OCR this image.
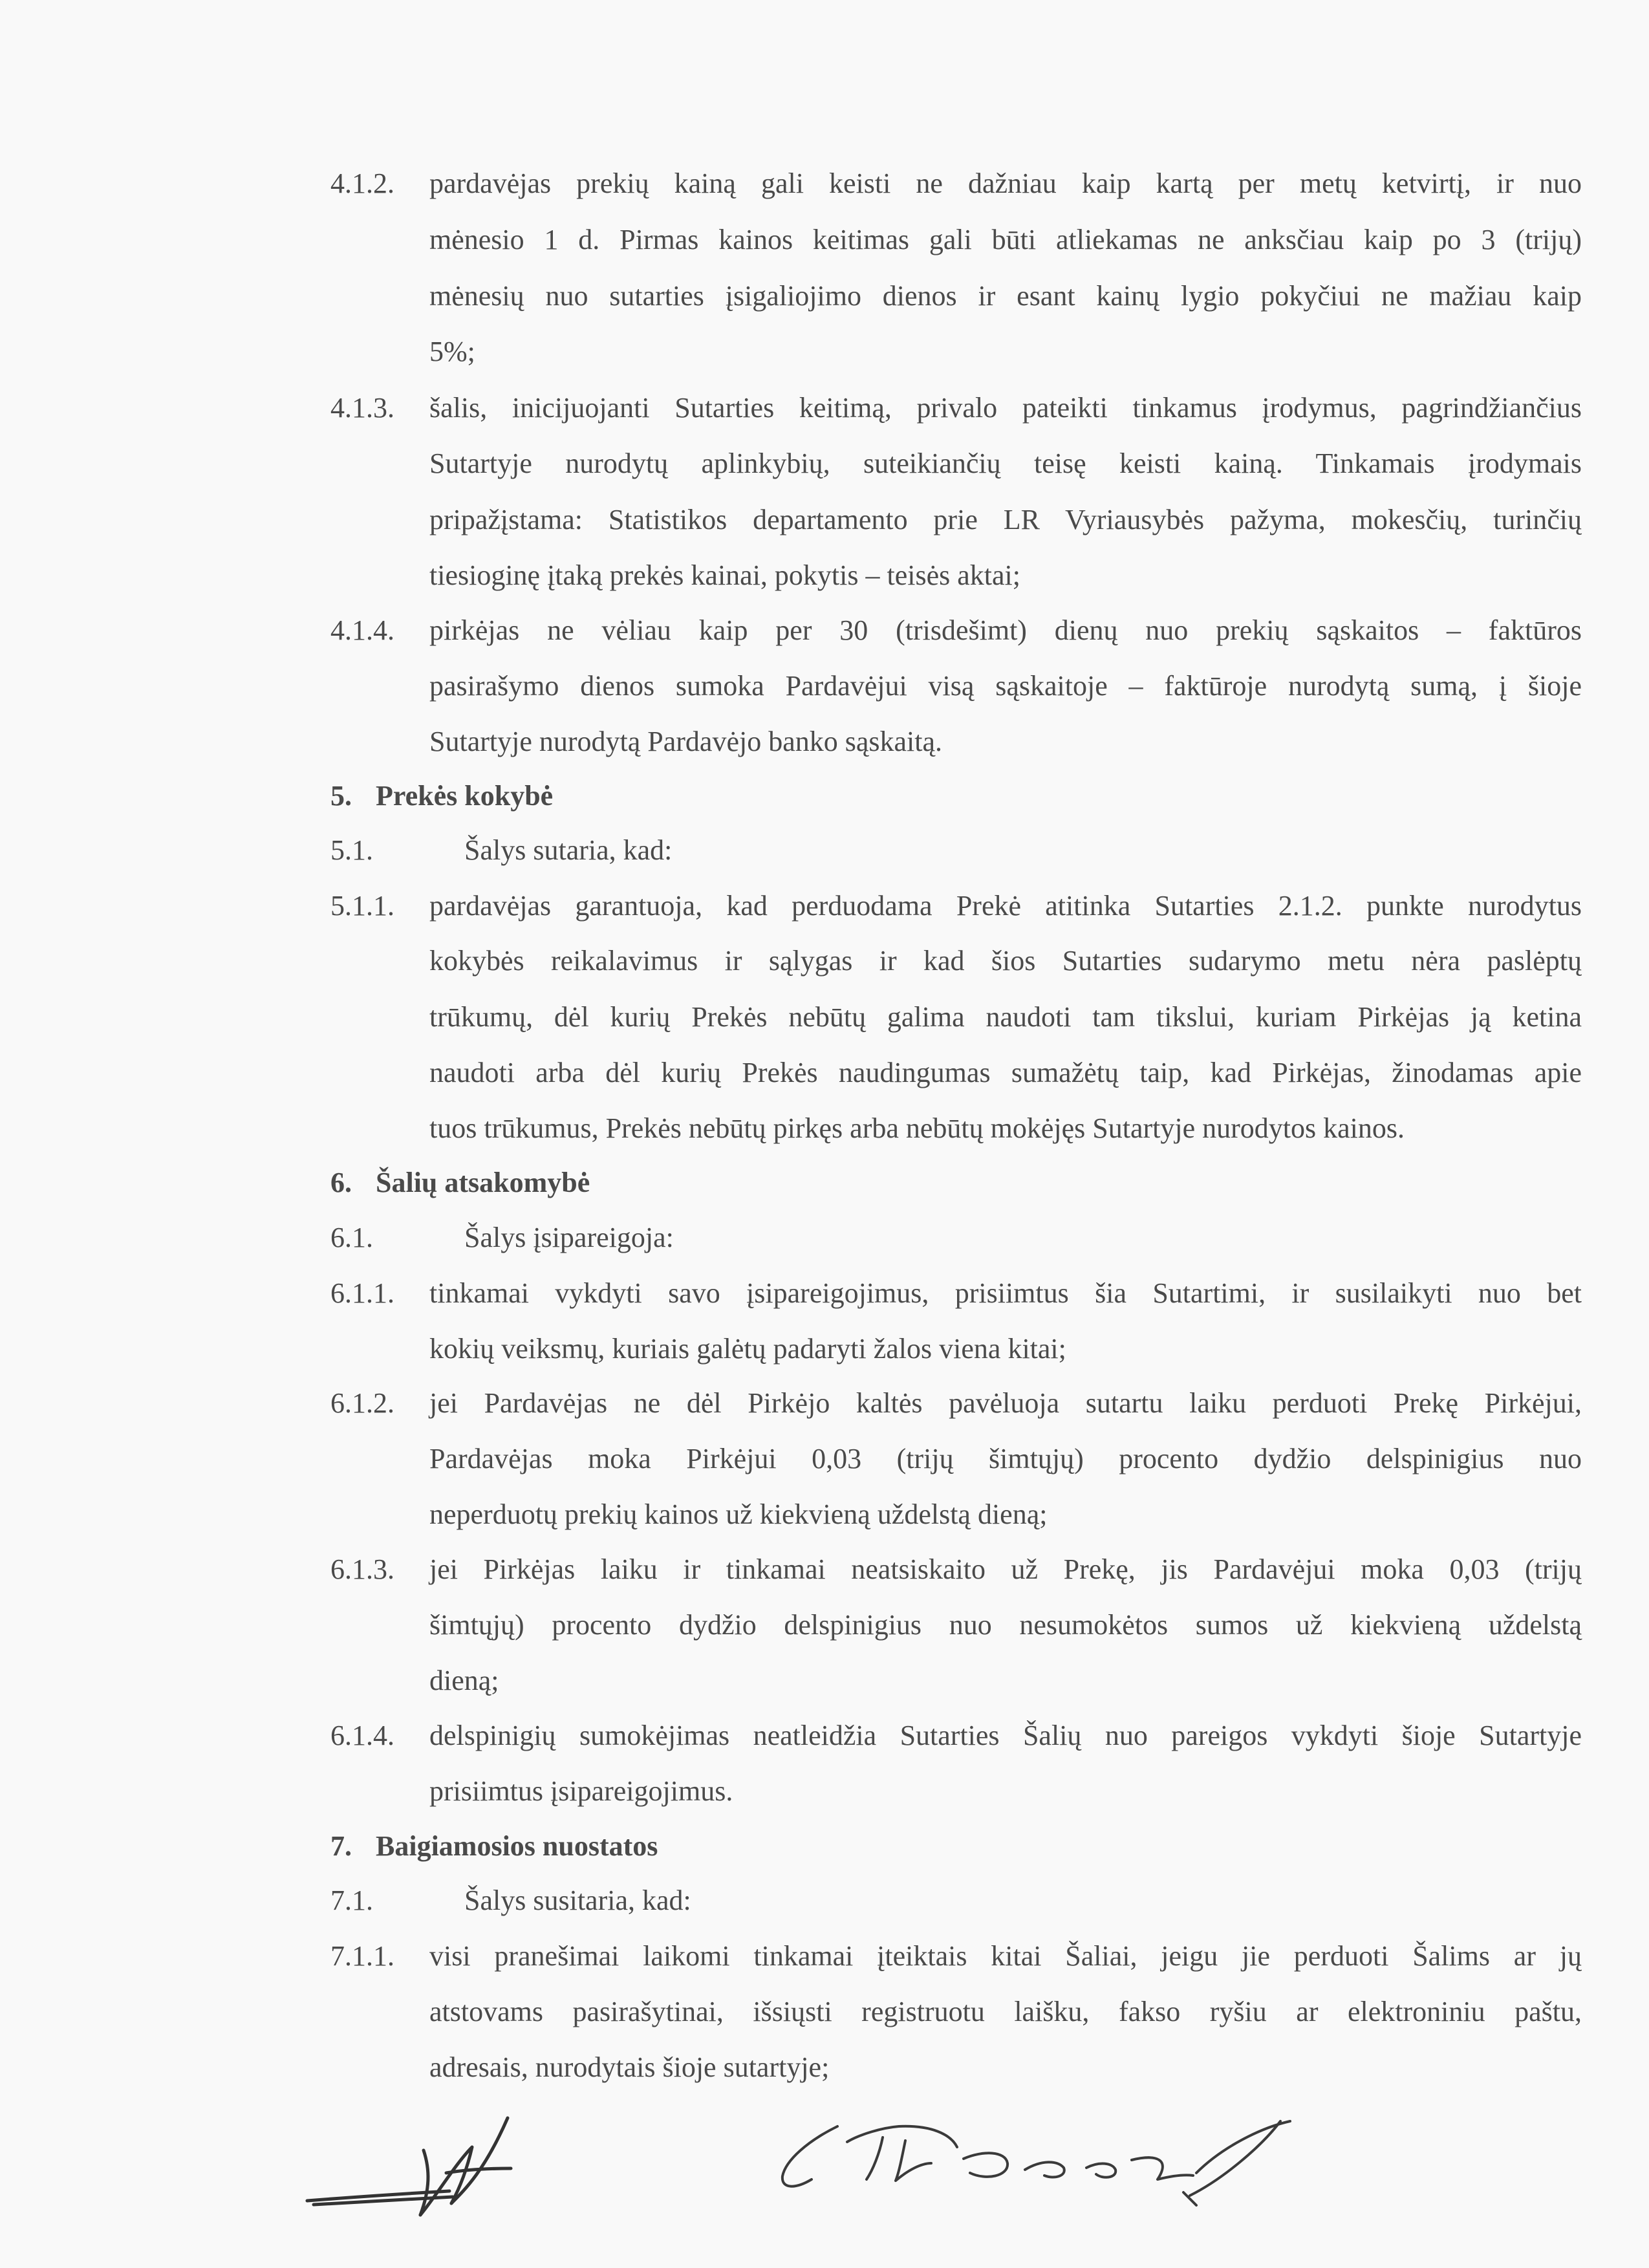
4.1.2. pardavėjas prekių kainą gali keisti ne dažniau kaip kartą per metų ketvirtį, ir nuo
mėnesio 1 d. Pirmas kainos keitimas gali būti atliekamas ne anksčiau kaip po 3 (trijų)
mėnesių nuo sutarties įsigaliojimo dienos ir esant kainų lygio pokyčiui ne mažiau kaip
5%;
4.1.3. šalis, inicijuojanti Sutarties keitimą, privalo pateikti tinkamus įrodymus, pagrindžiančius
Sutartyje nurodytų aplinkybių, suteikiančių teisę keisti kainą. Tinkamais įrodymais
pripažįstama: Statistikos departamento prie LR Vyriausybės pažyma, mokesčių, turinčių
tiesioginę įtaką prekės kainai, pokytis – teisės aktai;
4.1.4. pirkėjas ne vėliau kaip per 30 (trisdešimt) dienų nuo prekių sąskaitos – faktūros
pasirašymo dienos sumoka Pardavėjui visą sąskaitoje – faktūroje nurodytą sumą, į šioje
Sutartyje nurodytą Pardavėjo banko sąskaitą.
5. Prekės kokybė
5.1.	Šalys sutaria, kad:
5.1.1. pardavėjas garantuoja, kad perduodama Prekė atitinka Sutarties 2.1.2. punkte nurodytus
kokybės reikalavimus ir sąlygas ir kad šios Sutarties sudarymo metu nėra paslėptų
trūkumų, dėl kurių Prekės nebūtų galima naudoti tam tikslui, kuriam Pirkėjas ją ketina
naudoti arba dėl kurių Prekės naudingumas sumažėtų taip, kad Pirkėjas, žinodamas apie
tuos trūkumus, Prekės nebūtų pirkęs arba nebūtų mokėjęs Sutartyje nurodytos kainos.
6. Šalių atsakomybė
6.1.	Šalys įsipareigoja:
6.1.1. tinkamai vykdyti savo įsipareigojimus, prisiimtus šia Sutartimi, ir susilaikyti nuo bet
kokių veiksmų, kuriais galėtų padaryti žalos viena kitai;
6.1.2. jei Pardavėjas ne dėl Pirkėjo kaltės pavėluoja sutartu laiku perduoti Prekę Pirkėjui,
Pardavėjas moka Pirkėjui 0,03 (trijų šimtųjų) procento dydžio delspinigius nuo
neperduotų prekių kainos už kiekvieną uždelstą dieną;
6.1.3. jei Pirkėjas laiku ir tinkamai neatsiskaito už Prekę, jis Pardavėjui moka 0,03 (trijų
šimtųjų) procento dydžio delspinigius nuo nesumokėtos sumos už kiekvieną uždelstą
dieną;
6.1.4. delspinigių sumokėjimas neatleidžia Sutarties Šalių nuo pareigos vykdyti šioje Sutartyje
prisiimtus įsipareigojimus.
7. Baigiamosios nuostatos
7.1.	Šalys susitaria, kad:
7.1.1. visi pranešimai laikomi tinkamai įteiktais kitai Šaliai, jeigu jie perduoti Šalims ar jų
atstovams pasirašytinai, išsiųsti registruotu laišku, fakso ryšiu ar elektroniniu paštu,
adresais, nurodytais šioje sutartyje;
